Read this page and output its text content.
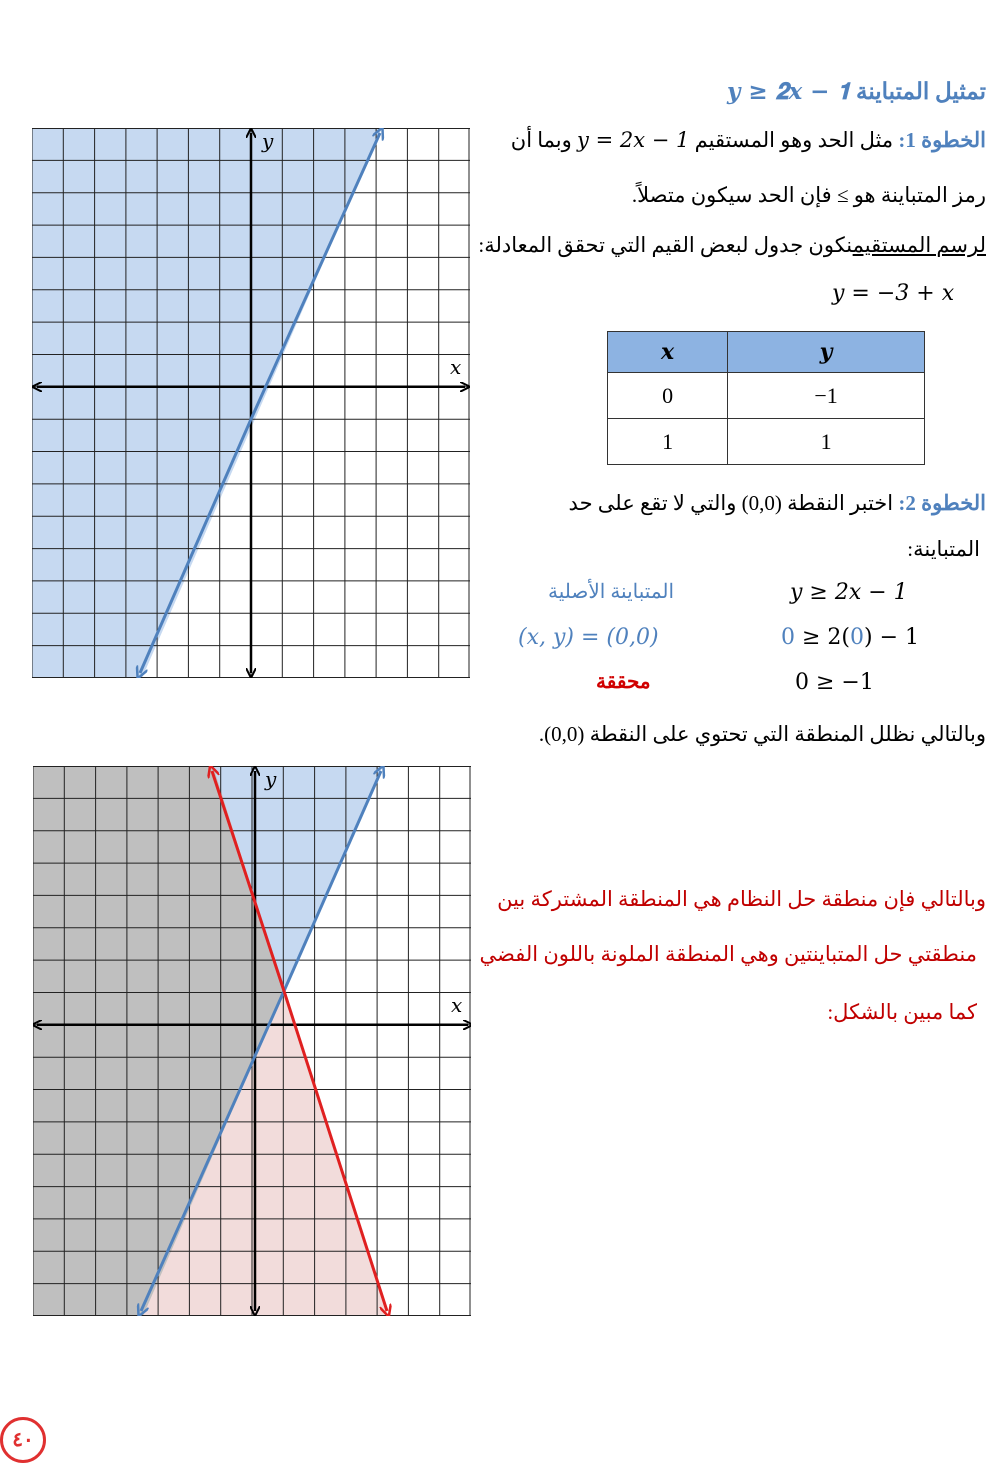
تمثيل المتباينة 𝒚 ≥ 𝟐𝒙 − 𝟏
الخطوة 1: مثل الحد وهو المستقيم y = 2x − 1 وبما أن
رمز المتباينة هو ≥ فإن الحد سيكون متصلاً.
لرسم المستقيمنكون جدول لبعض القيم التي تحقق المعادلة:
y = −3 + x
x	y
0	−1
1	1
الخطوة 2: اختبر النقطة (0,0) والتي لا تقع على حد
المتباينة:
المتباينة الأصلية	y ≥ 2x − 1
(x, y) = (0,0)	0 ≥ 2(0) − 1
محققة	0 ≥ −1
وبالتالي نظلل المنطقة التي تحتوي على النقطة (0,0).
وبالتالي فإن منطقة حل النظام هي المنطقة المشتركة بين
منطقتي حل المتباينتين وهي المنطقة الملونة باللون الفضي
كما مبين بالشكل:
x
y
x
y
٤٠
